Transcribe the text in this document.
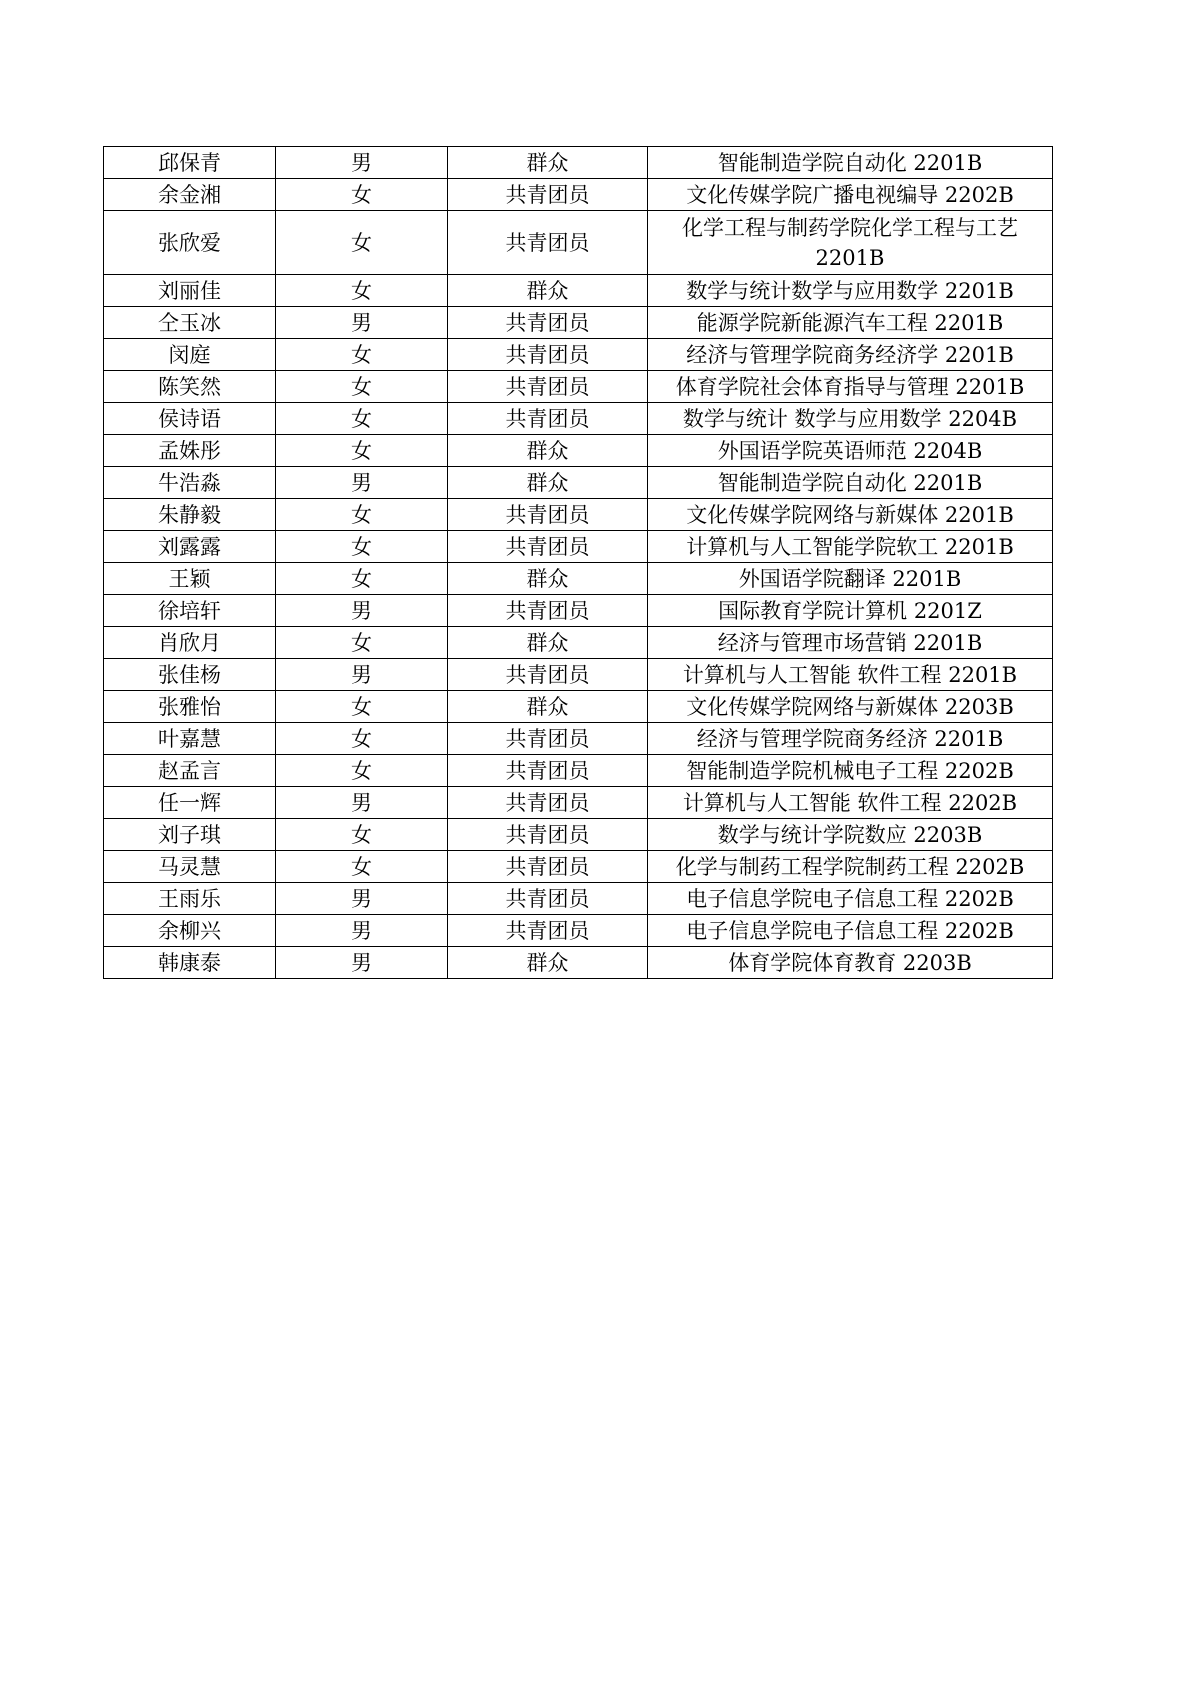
邱保青	男	群众	智能制造学院自动化 2201B
余金湘	女	共青团员	文化传媒学院广播电视编导 2202B
张欣爱	女	共青团员	化学工程与制药学院化学工程与工艺 2201B
刘丽佳	女	群众	数学与统计数学与应用数学 2201B
仝玉冰	男	共青团员	能源学院新能源汽车工程 2201B
闵庭	女	共青团员	经济与管理学院商务经济学 2201B
陈笑然	女	共青团员	体育学院社会体育指导与管理 2201B
侯诗语	女	共青团员	数学与统计 数学与应用数学 2204B
孟姝彤	女	群众	外国语学院英语师范 2204B
牛浩淼	男	群众	智能制造学院自动化 2201B
朱静毅	女	共青团员	文化传媒学院网络与新媒体 2201B
刘露露	女	共青团员	计算机与人工智能学院软工 2201B
王颖	女	群众	外国语学院翻译 2201B
徐培轩	男	共青团员	国际教育学院计算机 2201Z
肖欣月	女	群众	经济与管理市场营销 2201B
张佳杨	男	共青团员	计算机与人工智能 软件工程 2201B
张雅怡	女	群众	文化传媒学院网络与新媒体 2203B
叶嘉慧	女	共青团员	经济与管理学院商务经济 2201B
赵孟言	女	共青团员	智能制造学院机械电子工程 2202B
任一辉	男	共青团员	计算机与人工智能 软件工程 2202B
刘子琪	女	共青团员	数学与统计学院数应 2203B
马灵慧	女	共青团员	化学与制药工程学院制药工程 2202B
王雨乐	男	共青团员	电子信息学院电子信息工程 2202B
余柳兴	男	共青团员	电子信息学院电子信息工程 2202B
韩康泰	男	群众	体育学院体育教育 2203B
